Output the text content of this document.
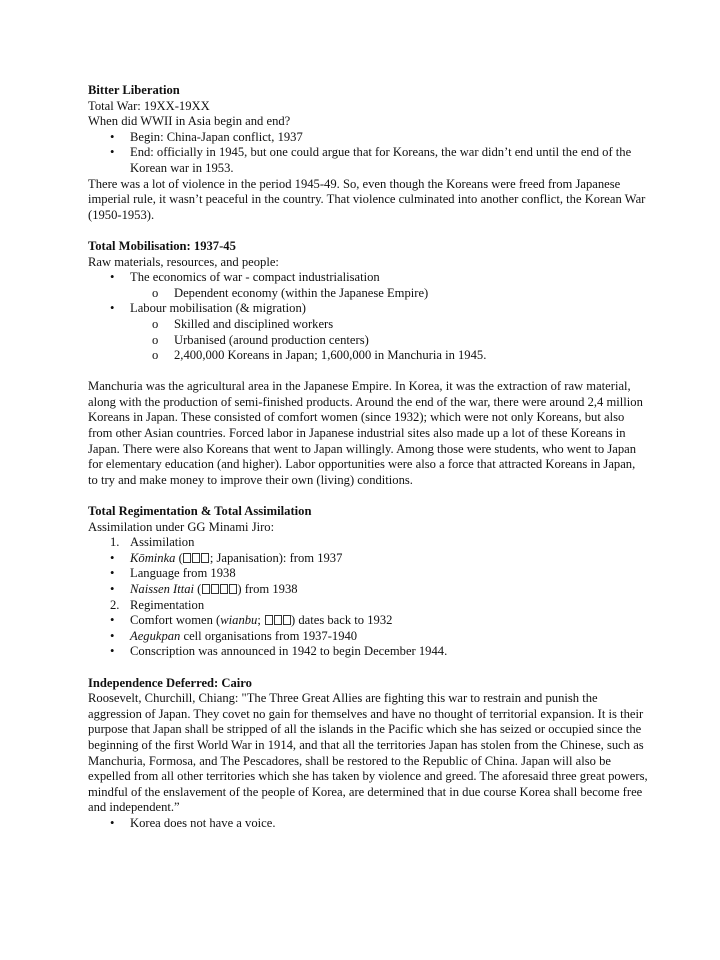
Bitter Liberation

Total War: 19XX-19XX

When did WWII in Asia begin and end?

• Begin: China-Japan conflict, 1937
• End: officially in 1945, but one could argue that for Koreans, the war didn’t end until the end of the Korean war in 1953.

There was a lot of violence in the period 1945-49. So, even though the Koreans were freed from Japanese imperial rule, it wasn’t peaceful in the country. That violence culminated into another conflict, the Korean War (1950-1953).

Total Mobilisation: 1937-45

Raw materials, resources, and people:

• The economics of war - compact industrialisation
o Dependent economy (within the Japanese Empire)
• Labour mobilisation (& migration)
o Skilled and disciplined workers
o Urbanised (around production centers)
o 2,400,000 Koreans in Japan; 1,600,000 in Manchuria in 1945.

Manchuria was the agricultural area in the Japanese Empire. In Korea, it was the extraction of raw material, along with the production of semi-finished products. Around the end of the war, there were around 2,4 million Koreans in Japan. These consisted of comfort women (since 1932); which were not only Koreans, but also from other Asian countries. Forced labor in Japanese industrial sites also made up a lot of these Koreans in Japan. There were also Koreans that went to Japan willingly. Among those were students, who went to Japan for elementary education (and higher). Labor opportunities were also a force that attracted Koreans in Japan, to try and make money to improve their own (living) conditions.

Total Regimentation & Total Assimilation

Assimilation under GG Minami Jiro:

1. Assimilation
• Kōminka ( ; Japanisation): from 1937
• Language from 1938
• Naissen Ittai (	) from 1938
2. Regimentation
• Comfort women (wianbu; ) dates back to 1932
• Aegukpan cell organisations from 1937-1940
• Conscription was announced in 1942 to begin December 1944.

Independence Deferred: Cairo

Roosevelt, Churchill, Chiang: "The Three Great Allies are fighting this war to restrain and punish the aggression of Japan. They covet no gain for themselves and have no thought of territorial expansion. It is their purpose that Japan shall be stripped of all the islands in the Pacific which she has seized or occupied since the beginning of the first World War in 1914, and that all the territories Japan has stolen from the Chinese, such as Manchuria, Formosa, and The Pescadores, shall be restored to the Republic of China. Japan will also be expelled from all other territories which she has taken by violence and greed. The aforesaid three great powers, mindful of the enslavement of the people of Korea, are determined that in due course Korea shall become free and independent.”

• Korea does not have a voice.
